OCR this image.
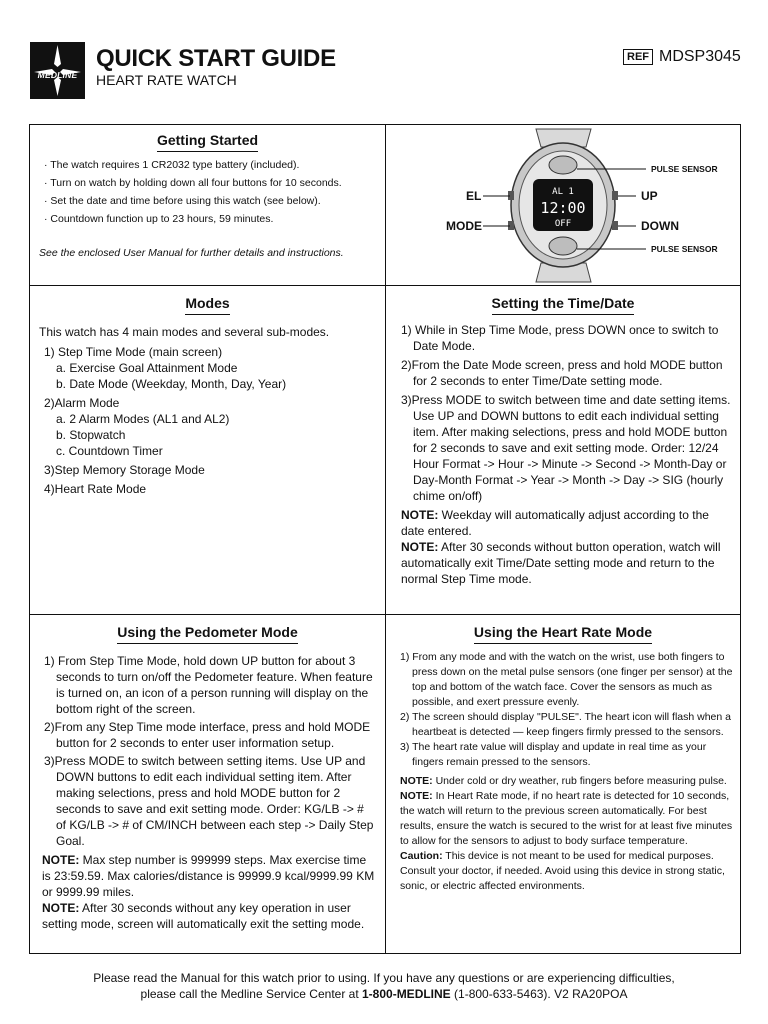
MEDLINE
QUICK START GUIDE
HEART RATE WATCH
REF MDSP3045
Getting Started

· The watch requires 1 CR2032 type battery (included).

· Turn on watch by holding down all four buttons for 10 seconds.

· Set the date and time before using this watch (see below).

· Countdown function up to 23 hours, 59 minutes.

See the enclosed User Manual for further details and instructions.
AL 1
12:00
OFF
PULSE SENSOR
PULSE SENSOR
EL
MODE
UP
DOWN
Modes

This watch has 4 main modes and several sub-modes.

1) Step Time Mode (main screen)

a. Exercise Goal Attainment Mode

b. Date Mode (Weekday, Month, Day, Year)

2)Alarm Mode

a. 2 Alarm Modes (AL1 and AL2)

b. Stopwatch

c. Countdown Timer

3)Step Memory Storage Mode

4)Heart Rate Mode

Setting the Time/Date

1) While in Step Time Mode, press DOWN once to switch to Date Mode.

2)From the Date Mode screen, press and hold MODE button for 2 seconds to enter Time/Date setting mode.

3)Press MODE to switch between time and date setting items. Use UP and DOWN buttons to edit each individual setting item. After making selections, press and hold MODE button for 2 seconds to save and exit setting mode. Order: 12/24 Hour Format -> Hour -> Minute -> Second -> Month-Day or Day-Month Format -> Year -> Month -> Day -> SIG (hourly chime on/off)

NOTE: Weekday will automatically adjust according to the date entered.

NOTE: After 30 seconds without button operation, watch will automatically exit Time/Date setting mode and return to the normal Step Time mode.

Using the Pedometer Mode

1) From Step Time Mode, hold down UP button for about 3 seconds to turn on/off the Pedometer feature. When feature is turned on, an icon of a person running will display on the bottom right of the screen.

2)From any Step Time mode interface, press and hold MODE button for 2 seconds to enter user information setup.

3)Press MODE to switch between setting items. Use UP and DOWN buttons to edit each individual setting item. After making selections, press and hold MODE button for 2 seconds to save and exit setting mode. Order: KG/LB -> # of KG/LB -> # of CM/INCH between each step -> Daily Step Goal.

NOTE: Max step number is 999999 steps. Max exercise time is 23:59.59. Max calories/distance is 99999.9 kcal/9999.99 KM or 9999.99 miles.

NOTE: After 30 seconds without any key operation in user setting mode, screen will automatically exit the setting mode.

Using the Heart Rate Mode

1) From any mode and with the watch on the wrist, use both fingers to press down on the metal pulse sensors (one finger per sensor) at the top and bottom of the watch face. Cover the sensors as much as possible, and exert pressure evenly.

2) The screen should display "PULSE". The heart icon will flash when a heartbeat is detected — keep fingers firmly pressed to the sensors.

3) The heart rate value will display and update in real time as your fingers remain pressed to the sensors.

NOTE: Under cold or dry weather, rub fingers before measuring pulse.

NOTE: In Heart Rate mode, if no heart rate is detected for 10 seconds, the watch will return to the previous screen automatically. For best results, ensure the watch is secured to the wrist for at least five minutes to allow for the sensors to adjust to body surface temperature.

Caution: This device is not meant to be used for medical purposes. Consult your doctor, if needed. Avoid using this device in strong static, sonic, or electric affected environments.

Please read the Manual for this watch prior to using. If you have any questions or are experiencing difficulties,

please call the Medline Service Center at 1-800-MEDLINE (1-800-633-5463). V2 RA20POA
